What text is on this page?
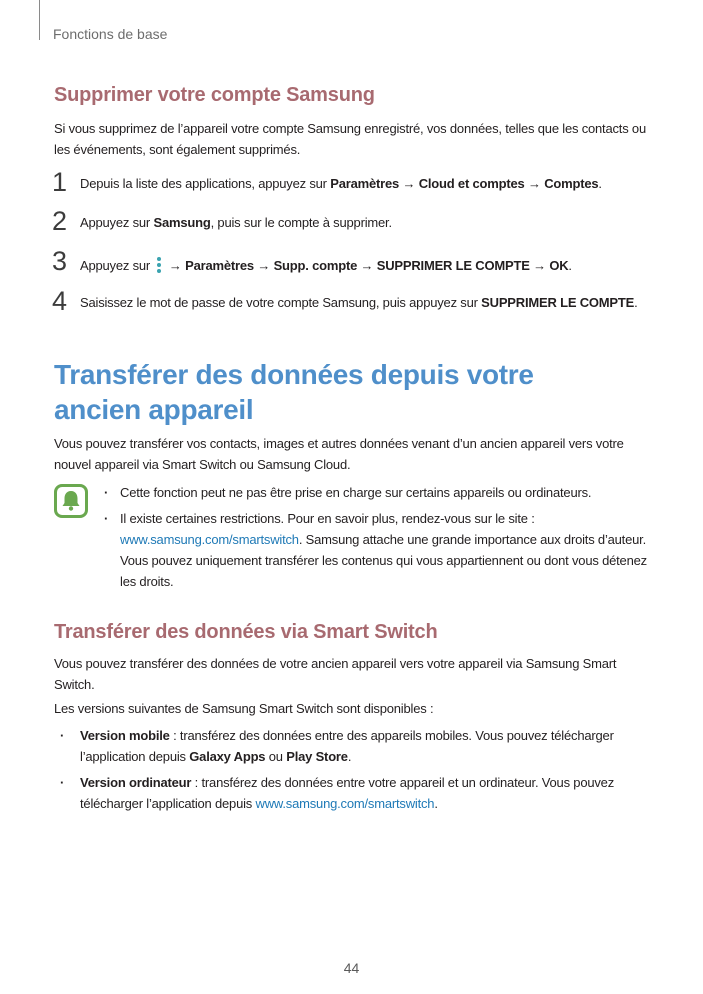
Fonctions de base
Supprimer votre compte Samsung
Si vous supprimez de l’appareil votre compte Samsung enregistré, vos données, telles que les contacts ou les événements, sont également supprimés.
1 Depuis la liste des applications, appuyez sur Paramètres → Cloud et comptes → Comptes.
2 Appuyez sur Samsung, puis sur le compte à supprimer.
3 Appuyez sur
→ Paramètres → Supp. compte → SUPPRIMER LE COMPTE → OK.
4 Saisissez le mot de passe de votre compte Samsung, puis appuyez sur SUPPRIMER LE COMPTE.
Transférer des données depuis votre ancien appareil
Vous pouvez transférer vos contacts, images et autres données venant d’un ancien appareil vers votre nouvel appareil via Smart Switch ou Samsung Cloud.
· Cette fonction peut ne pas être prise en charge sur certains appareils ou ordinateurs.
· Il existe certaines restrictions. Pour en savoir plus, rendez-vous sur le site : www.samsung.com/smartswitch. Samsung attache une grande importance aux droits d’auteur. Vous pouvez uniquement transférer les contenus qui vous appartiennent ou dont vous détenez les droits.
Transférer des données via Smart Switch
Vous pouvez transférer des données de votre ancien appareil vers votre appareil via Samsung Smart Switch.
Les versions suivantes de Samsung Smart Switch sont disponibles :
· Version mobile : transférez des données entre des appareils mobiles. Vous pouvez télécharger l’application depuis Galaxy Apps ou Play Store.
· Version ordinateur : transférez des données entre votre appareil et un ordinateur. Vous pouvez télécharger l’application depuis www.samsung.com/smartswitch.
44
